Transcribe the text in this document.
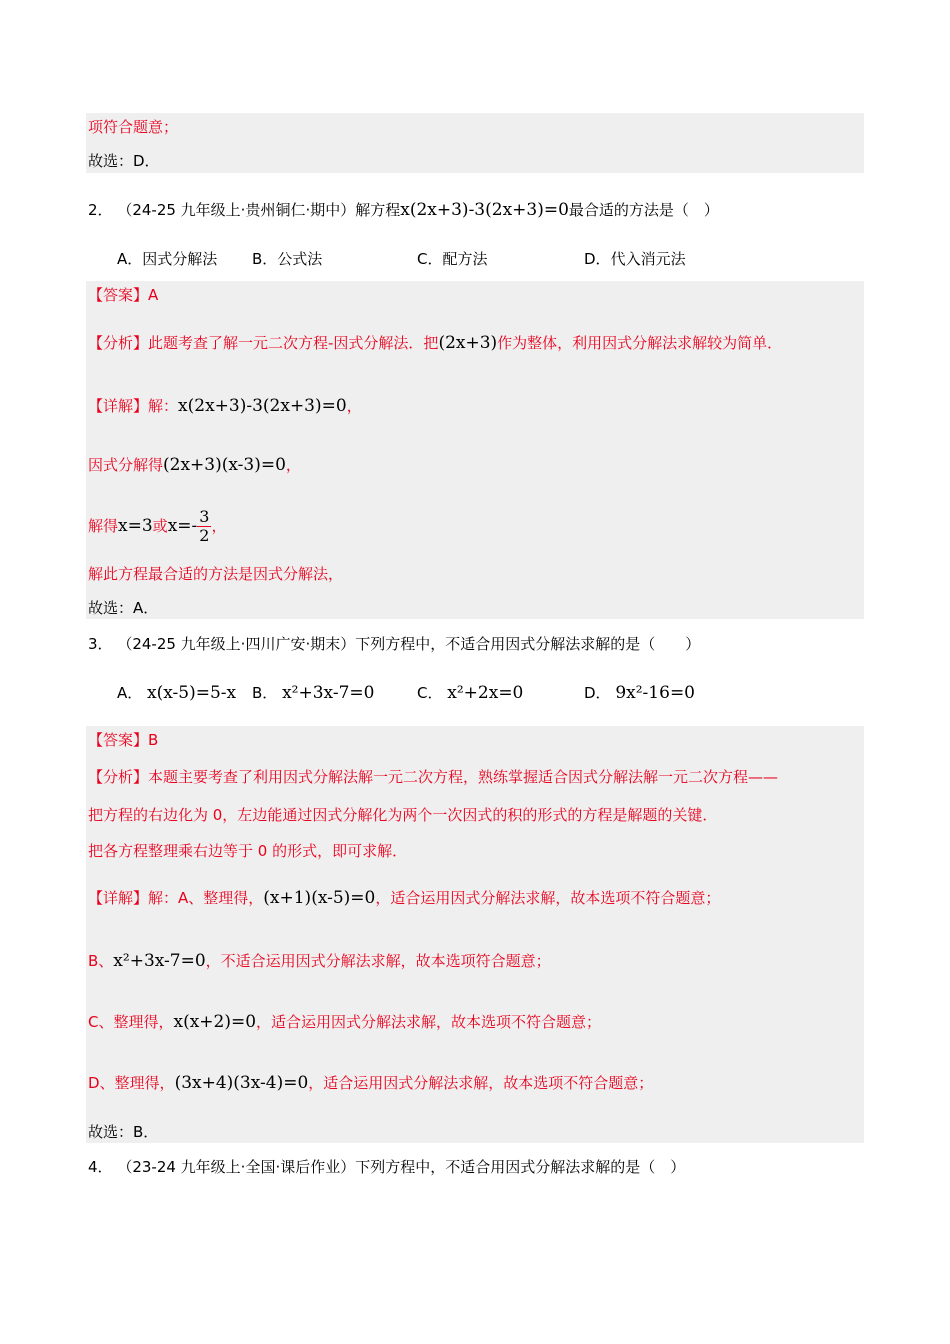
项符合题意；
故选：D．
2． （24-25 九年级上·贵州铜仁·期中）解方程x(2x+3)-3(2x+3)=0最合适的方法是（　）
A．因式分解法 B．公式法	C．配方法	D．代入消元法
【答案】A
【分析】此题考查了解一元二次方程-因式分解法．把(2x+3)作为整体，利用因式分解法求解较为简单．
【详解】解：x(2x+3)-3(2x+3)=0，
因式分解得(2x+3)(x-3)=0，
解得x=3或$x=- \frac{3}{2}$ ，
解此方程最合适的方法是因式分解法，
故选：A．
3． （24-25 九年级上·四川广安·期末）下列方程中，不适合用因式分解法求解的是（　　）
A． x(x-5)=5-x B． x²+3x-7=0	C． x²+2x=0	D． 9x²-16=0
【答案】B
【分析】本题主要考查了利用因式分解法解一元二次方程，熟练掌握适合因式分解法解一元二次方程——
把方程的右边化为 0，左边能通过因式分解化为两个一次因式的积的形式的方程是解题的关键．
把各方程整理乘右边等于 0 的形式，即可求解．
【详解】解：A、整理得，(x+1)(x-5)=0，适合运用因式分解法求解，故本选项不符合题意；
B、x²+3x-7=0，不适合运用因式分解法求解，故本选项符合题意；
C、整理得，x(x+2)=0，适合运用因式分解法求解，故本选项不符合题意；
D、整理得，(3x+4)(3x-4)=0，适合运用因式分解法求解，故本选项不符合题意；
故选：B．
4． （23-24 九年级上·全国·课后作业）下列方程中，不适合用因式分解法求解的是（　）
